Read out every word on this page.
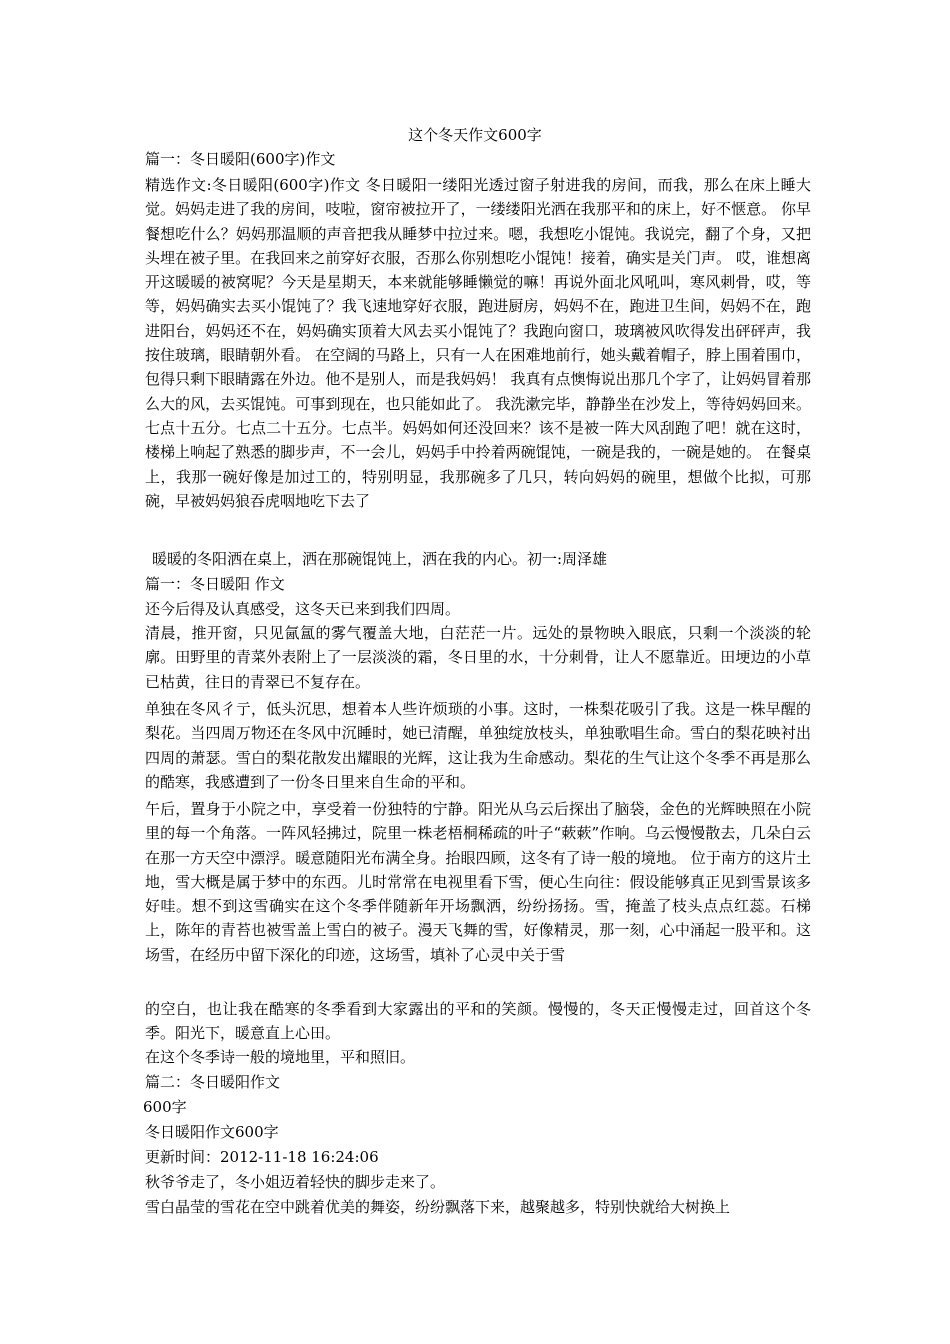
这个冬天作文600字
篇一：冬日暖阳(600字)作文
精选作文:冬日暖阳(600字)作文 冬日暖阳一缕阳光透过窗子射进我的房间，而我，那么在床上睡大觉。妈妈走进了我的房间，吱啦，窗帘被拉开了，一缕缕阳光洒在我那平和的床上，好不惬意。 你早餐想吃什么？妈妈那温顺的声音把我从睡梦中拉过来。嗯，我想吃小馄饨。我说完，翻了个身，又把头埋在被子里。在我回来之前穿好衣服，否那么你别想吃小馄饨！接着，确实是关门声。 哎，谁想离开这暖暖的被窝呢？今天是星期天，本来就能够睡懒觉的嘛！再说外面北风吼叫，寒风刺骨，哎，等等，妈妈确实去买小馄饨了？我飞速地穿好衣服，跑进厨房，妈妈不在，跑进卫生间，妈妈不在，跑进阳台，妈妈还不在，妈妈确实顶着大风去买小馄饨了？我跑向窗口，玻璃被风吹得发出砰砰声，我按住玻璃，眼睛朝外看。 在空阔的马路上，只有一人在困难地前行，她头戴着帽子，脖上围着围巾，包得只剩下眼睛露在外边。他不是别人，而是我妈妈！ 我真有点懊悔说出那几个字了，让妈妈冒着那么大的风，去买馄饨。可事到现在，也只能如此了。 我洗漱完毕，静静坐在沙发上，等待妈妈回来。七点十五分。七点二十五分。七点半。妈妈如何还没回来？该不是被一阵大风刮跑了吧！就在这时，楼梯上响起了熟悉的脚步声，不一会儿，妈妈手中拎着两碗馄饨，一碗是我的，一碗是她的。 在餐桌上，我那一碗好像是加过工的，特别明显，我那碗多了几只，转向妈妈的碗里，想做个比拟，可那碗，早被妈妈狼吞虎咽地吃下去了
暖暖的冬阳洒在桌上，洒在那碗馄饨上，洒在我的内心。初一:周泽雄
篇一：冬日暖阳 作文
还今后得及认真感受，这冬天已来到我们四周。
清晨，推开窗，只见氤氲的雾气覆盖大地，白茫茫一片。远处的景物映入眼底，只剩一个淡淡的轮廓。田野里的青菜外表附上了一层淡淡的霜，冬日里的水，十分刺骨，让人不愿靠近。田埂边的小草已枯黄，往日的青翠已不复存在。
单独在冬风彳亍，低头沉思，想着本人些许烦琐的小事。这时，一株梨花吸引了我。这是一株早醒的梨花。当四周万物还在冬风中沉睡时，她已清醒，单独绽放枝头，单独歌唱生命。雪白的梨花映衬出四周的萧瑟。雪白的梨花散发出耀眼的光辉，这让我为生命感动。梨花的生气让这个冬季不再是那么的酷寒，我感遭到了一份冬日里来自生命的平和。
午后，置身于小院之中，享受着一份独特的宁静。阳光从乌云后探出了脑袋，金色的光辉映照在小院里的每一个角落。一阵风轻拂过，院里一株老梧桐稀疏的叶子“蔌蔌”作响。乌云慢慢散去，几朵白云在那一方天空中漂浮。暖意随阳光布满全身。抬眼四顾，这冬有了诗一般的境地。 位于南方的这片土地，雪大概是属于梦中的东西。儿时常常在电视里看下雪，便心生向往：假设能够真正见到雪景该多好哇。想不到这雪确实在这个冬季伴随新年开场飘洒，纷纷扬扬。雪，掩盖了枝头点点红蕊。石梯上，陈年的青苔也被雪盖上雪白的被子。漫天飞舞的雪，好像精灵，那一刻，心中涌起一股平和。这场雪，在经历中留下深化的印迹，这场雪，填补了心灵中关于雪
的空白，也让我在酷寒的冬季看到大家露出的平和的笑颜。慢慢的，冬天正慢慢走过，回首这个冬季。阳光下，暖意直上心田。
在这个冬季诗一般的境地里，平和照旧。
篇二：冬日暖阳作文
600字
冬日暖阳作文600字
更新时间：2012-11-18 16:24:06
秋爷爷走了，冬小姐迈着轻快的脚步走来了。
雪白晶莹的雪花在空中跳着优美的舞姿，纷纷飘落下来，越聚越多，特别快就给大树换上
